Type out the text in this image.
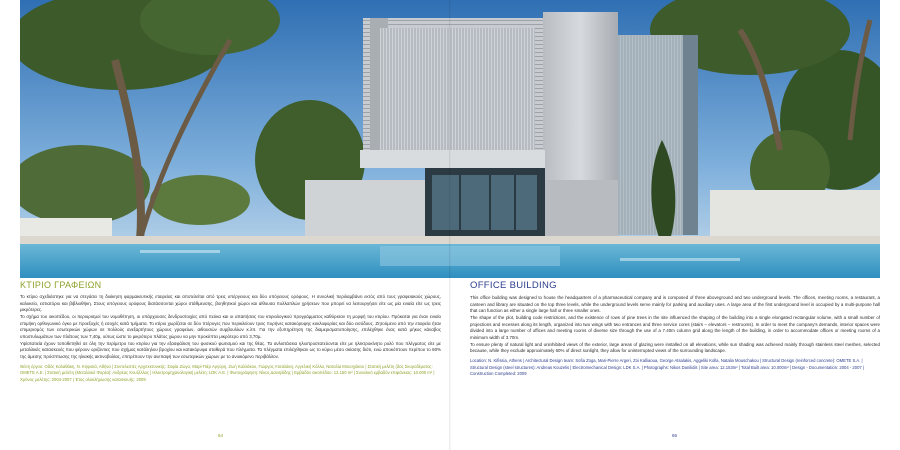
ΚΤΙΡΙΟ ΓΡΑΦΕΙΩΝ

Το κτίριο σχεδιάστηκε για να στεγάσει τη διοίκηση φαρμακευτικής εταιρείας και αποτελείται από τρεις υπέργειους και δύο υπόγειους ορόφους. Η συνολική περιλαμβάνει εκτός από τους γραφειακούς χώρους, καλυκείο, εστιατόριο και βιβλιοθήκη. Στους υπόγειους ορόφους διατάσσονται χώροι στάθμευσης, βοηθητικοί χώροι και αίθουσα πολλαπλών χρήσεων που μπορεί να λειτουργήσει είτε ως μία ενιαία είτε ως τρεις μικρότερες.

Το σχήμα του οικοπέδου, οι περιορισμοί του νομοθέτηση, οι υπάρχουσες δενδροστοιχίες από πεύκα και οι απαιτήσεις του κτιριολογικού προγράμματος καθόρισαν τη μορφή του κτιρίου. Πρόκειται για έναν ενιαίο επιμήκη ορθογωνικό όγκο με προεξοχές ή εσοχές κατά τμήματα. Το κτίριο χωρίζεται σε δύο πτέρυγες που περικλείουν τρεις πυρήνες κατακόρυφης κυκλοφορίας και δύο εισόδους. Ζητούμενο από την εταιρεία ήταν επιμερισμός των εσωτερικών χώρων σε πολλούς ανεξαρτήτους χώρους γραφείων, αιθουσών συμβουλίων κ.λπ. Για την εξυπηρέτηση της διαμερισματοποίησης, επιλέχθηκε ένας κατά μήκος κάναβος υποστυλωμάτων των πλάτους των 7,40μ, ούτως ώστε το μικρότερο πλάτος χώρου να μην προκύπτει μικρότερο από 3,70μ.

Υψίστατιεία έχουν τοποθετηθεί σε όλη την περίμετρο του κτιρίου για την εξασφάλιση του φυσικού φωτισμού και της θέας. Τα ανλιστάσεια ηλιοπροστατεύονται είτε με ηλεκτροκίνητο ρολό που πλέγματος είτε με μεταλλικές κατασκευές που φέρουν οριζόντιες που σχήμας κατάληλου βροχίου και κατακόρυφα σταθερά που πλέγματα. Τα πλέγματα επιλέχθηκαν ως το κύριο μέσο σκίασης διότι, ενώ αποκόπτουν περίπου το 60% της άμεσης πρόσπτωσης της ηλιακής ακτινοβολίας, επιτρέπουν την ανεπαφή των εσωτερικών χώρων με το ανοικόμενο περιβάλλον.

Θέση έργου: Οδός Καλαθάκη, Ν. Κηφισιά, Αθήνα | Συντελεστές Αρχιτεκτονικής: Σοφία Ζώγα, Μαρί-Πιέρ Αργύρη, Ζωή Καλλάκου, Γιώργος Ατσαλάκη, Αγγελική Κόλλα, Ναταλία Μουσχάκου | Στατική μελέτη (δος Σκυροδέματος: ΟΜΕΤΕ Α.Ε. | Στατική μελέτη (Μεταλλικό Φορέα): Ανδρέας Κουζέλλας | Ηλεκτρομηχανολογική μελέτη: LDK Α.Ε. | Φωτογράφηση: Νίκος Δανιηλίδης | Εμβαδόν οικοπέδου: 12.150 m² | Συνολικό εμβαδόν επιφάνειας: 10.000 m² | Χρόνος μελέτης: 2004-2007 | Έτος ολοκλήρωσης κατασκευής: 2009
OFFICE BUILDING

This office building was designed to house the headquarters of a pharmaceutical company and is composed of three aboveground and two underground levels. The offices, meeting rooms, a restaurant, a canteen and library are situated on the top three levels, while the underground levels serve mainly for parking and auxiliary uses. A large area of the first underground level is occupied by a multi-purpose hall that can function as either a single large hall or three smaller ones.

The shape of the plot, building code restrictions, and the existence of rows of pine trees in the site influenced the shaping of the building into a single elongated rectangular volume, with a small number of projections and recesses along its length, organized into two wings with two entrances and three service cores (stairs – elevators – restrooms). In order to meet the company's demands, interior spaces were divided into a large number of offices and meeting rooms of diverse size through the use of a 7.40m column grid along the length of the building, in order to accommodate offices or meeting rooms of a minimum width of 3.70m.

To ensure plenty of natural light and uninhibited views of the exterior, large areas of glazing were installed on all elevations, while sun shading was achieved mainly through stainless steel meshes, selected because, while they exclude approximately 60% of direct sunlight, they allow for uninterrupted views of the surrounding landscape.

Location: N. Kifissia, Athens | Architectural Design team: Sofia Zoga, Mari-Pierre Argeri, Zoi Kalliaoua, George Atsalakis, Aggeliki Kolla, Natalia Mouschakou | Structural Design (reinforced concrete): OMETE S.A. | Structural Design (steel structures): Andreas Kouzelis | Electromechanical Design: LDK S.A. | Photographs: Nikos Danilidis | Site area: 12.153m² | Total Built area: 10.000m² | Design - Documentation: 2004 - 2007 | Construction Completed: 2009
64	65
